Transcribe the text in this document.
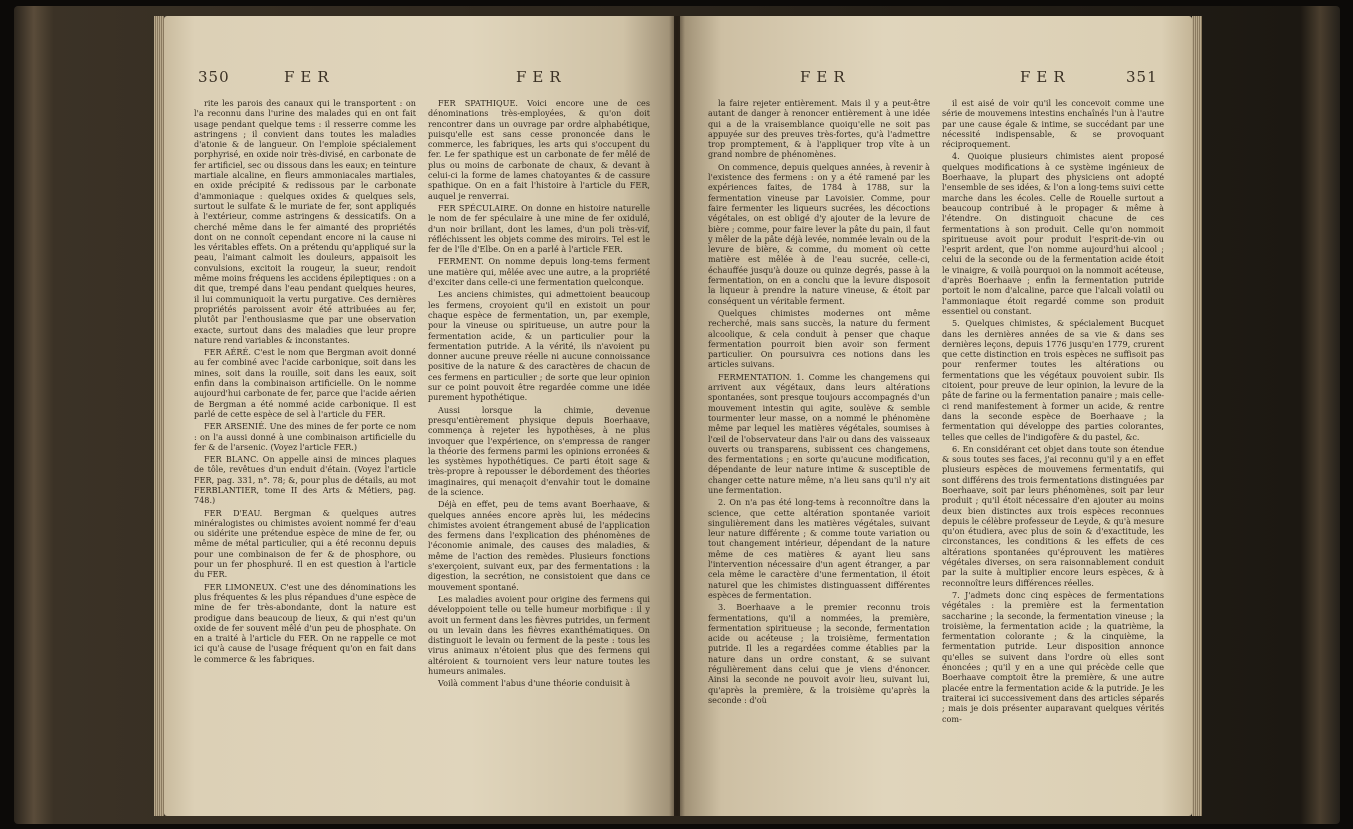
350	FER	FER

rite les parois des canaux qui le transportent : on l'a reconnu dans l'urine des malades qui en ont fait usage pendant quelque tems : il resserre comme les astringens ; il convient dans toutes les maladies d'atonie & de langueur. On l'emploie spécialement porphyrisé, en oxide noir très-divisé, en carbonate de fer artificiel, sec ou dissous dans les eaux; en teinture martiale alcaline, en fleurs ammoniacales martiales, en oxide précipité & redissous par le carbonate d'ammoniaque : quelques oxides & quelques sels, surtout le sulfate & le muriate de fer, sont appliqués à l'extérieur, comme astringens & dessicatifs. On a cherché même dans le fer aimanté des propriétés dont on ne connoît cependant encore ni la cause ni les véritables effets. On a prétendu qu'appliqué sur la peau, l'aimant calmoit les douleurs, appaisoit les convulsions, excitoit la rougeur, la sueur, rendoit même moins fréquens les accidens épileptiques : on a dit que, trempé dans l'eau pendant quelques heures, il lui communiquoit la vertu purgative. Ces dernières propriétés paroissent avoir été attribuées au fer, plutôt par l'enthousiasme que par une observation exacte, surtout dans des maladies que leur propre nature rend variables & inconstantes.

FER AÉRÉ. C'est le nom que Bergman avoit donné au fer combiné avec l'acide carbonique, soit dans les mines, soit dans la rouille, soit dans les eaux, soit enfin dans la combinaison artificielle. On le nomme aujourd'hui carbonate de fer, parce que l'acide aérien de Bergman a été nommé acide carbonique. Il est parlé de cette espèce de sel à l'article du FER.

FER ARSENIÉ. Une des mines de fer porte ce nom : on l'a aussi donné à une combinaison artificielle du fer & de l'arsenic. (Voyez l'article FER.)

FER BLANC. On appelle ainsi de minces plaques de tôle, revêtues d'un enduit d'étain. (Voyez l'article FER, pag. 331, n°. 78; &, pour plus de détails, au mot FERBLANTIER, tome II des Arts & Métiers, pag. 748.)

FER D'EAU. Bergman & quelques autres minéralogistes ou chimistes avoient nommé fer d'eau ou sidérite une prétendue espèce de mine de fer, ou même de métal particulier, qui a été reconnu depuis pour une combinaison de fer & de phosphore, ou pour un fer phosphuré. Il en est question à l'article du FER.

FER LIMONEUX. C'est une des dénominations les plus fréquentes & les plus répandues d'une espèce de mine de fer très-abondante, dont la nature est prodigue dans beaucoup de lieux, & qui n'est qu'un oxide de fer souvent mêlé d'un peu de phosphate. On en a traité à l'article du FER. On ne rappelle ce mot ici qu'à cause de l'usage fréquent qu'on en fait dans le commerce & les fabriques.

FER SPATHIQUE. Voici encore une de ces dénominations très-employées, & qu'on doit rencontrer dans un ouvrage par ordre alphabétique, puisqu'elle est sans cesse prononcée dans le commerce, les fabriques, les arts qui s'occupent du fer. Le fer spathique est un carbonate de fer mêlé de plus ou moins de carbonate de chaux, & devant à celui-ci la forme de lames chatoyantes & de cassure spathique. On en a fait l'histoire à l'article du FER, auquel je renverrai.

FER SPÉCULAIRE. On donne en histoire naturelle le nom de fer spéculaire à une mine de fer oxidulé, d'un noir brillant, dont les lames, d'un poli très-vif, réfléchissent les objets comme des miroirs. Tel est le fer de l'île d'Elbe. On en a parlé à l'article FER.

FERMENT. On nomme depuis long-tems ferment une matière qui, mêlée avec une autre, a la propriété d'exciter dans celle-ci une fermentation quelconque.

Les anciens chimistes, qui admettoient beaucoup les fermens, croyoient qu'il en existoit un pour chaque espèce de fermentation, un, par exemple, pour la vineuse ou spiritueuse, un autre pour la fermentation acide, & un particulier pour la fermentation putride. A la vérité, ils n'avoient pu donner aucune preuve réelle ni aucune connoissance positive de la nature & des caractères de chacun de ces fermens en particulier ; de sorte que leur opinion sur ce point pouvoit être regardée comme une idée purement hypothétique.

Aussi lorsque la chimie, devenue presqu'entièrement physique depuis Boerhaave, commença à rejeter les hypothèses, à ne plus invoquer que l'expérience, on s'empressa de ranger la théorie des fermens parmi les opinions erronées & les systèmes hypothétiques. Ce parti étoit sage & très-propre à repousser le débordement des théories imaginaires, qui menaçoit d'envahir tout le domaine de la science.

Déjà en effet, peu de tems avant Boerhaave, & quelques années encore après lui, les médecins chimistes avoient étrangement abusé de l'application des fermens dans l'explication des phénomènes de l'économie animale, des causes des maladies, & même de l'action des remèdes. Plusieurs fonctions s'exerçoient, suivant eux, par des fermentations : la digestion, la secrétion, ne consistoient que dans ce mouvement spontané.

Les maladies avoient pour origine des fermens qui développoient telle ou telle humeur morbifique : il y avoit un ferment dans les fièvres putrides, un ferment ou un levain dans les fièvres exanthématiques. On distinguoit le levain ou ferment de la peste : tous les virus animaux n'étoient plus que des fermens qui altéroient & tournoient vers leur nature toutes les humeurs animales.

Voilà comment l'abus d'une théorie conduisit à

FER	FER	351

la faire rejeter entièrement. Mais il y a peut-être autant de danger à renoncer entièrement à une idée qui a de la vraisemblance quoiqu'elle ne soit pas appuyée sur des preuves très-fortes, qu'à l'admettre trop promptement, & à l'appliquer trop vîte à un grand nombre de phénomènes.

On commence, depuis quelques années, à revenir à l'existence des fermens : on y a été ramené par les expériences faites, de 1784 à 1788, sur la fermentation vineuse par Lavoisier. Comme, pour faire fermenter les liqueurs sucrées, les décoctions végétales, on est obligé d'y ajouter de la levure de bière ; comme, pour faire lever la pâte du pain, il faut y mêler de la pâte déjà levée, nommée levain ou de la levure de bière, & comme, du moment où cette matière est mêlée à de l'eau sucrée, celle-ci, échauffée jusqu'à douze ou quinze degrés, passe à la fermentation, on en a conclu que la levure disposoit la liqueur à prendre la nature vineuse, & étoit par conséquent un véritable ferment.

Quelques chimistes modernes ont même recherché, mais sans succès, la nature du ferment alcoolique, & cela conduit à penser que chaque fermentation pourroit bien avoir son ferment particulier. On poursuivra ces notions dans les articles suivans.

FERMENTATION. 1. Comme les changemens qui arrivent aux végétaux, dans leurs altérations spontanées, sont presque toujours accompagnés d'un mouvement intestin qui agite, soulève & semble tourmenter leur masse, on a nommé le phénomène même par lequel les matières végétales, soumises à l'œil de l'observateur dans l'air ou dans des vaisseaux ouverts ou transparens, subissent ces changemens, des fermentations ; en sorte qu'aucune modification, dépendante de leur nature intime & susceptible de changer cette nature même, n'a lieu sans qu'il n'y ait une fermentation.

2. On n'a pas été long-tems à reconnoître dans la science, que cette altération spontanée varioit singulièrement dans les matières végétales, suivant leur nature différente ; & comme toute variation ou tout changement intérieur, dépendant de la nature même de ces matières & ayant lieu sans l'intervention nécessaire d'un agent étranger, a par cela même le caractère d'une fermentation, il étoit naturel que les chimistes distinguassent différentes espèces de fermentation.

3. Boerhaave a le premier reconnu trois fermentations, qu'il a nommées, la première, fermentation spiritueuse ; la seconde, fermentation acide ou acéteuse ; la troisième, fermentation putride. Il les a regardées comme établies par la nature dans un ordre constant, & se suivant régulièrement dans celui que je viens d'énoncer. Ainsi la seconde ne pouvoit avoir lieu, suivant lui, qu'après la première, & la troisième qu'après la seconde : d'où

il est aisé de voir qu'il les concevoit comme une série de mouvemens intestins enchaînés l'un à l'autre par une cause égale & intime, se succédant par une nécessité indispensable, & se provoquant réciproquement.

4. Quoique plusieurs chimistes aient proposé quelques modifications à ce système ingénieux de Boerhaave, la plupart des physiciens ont adopté l'ensemble de ses idées, & l'on a long-tems suivi cette marche dans les écoles. Celle de Rouelle surtout a beaucoup contribué à le propager & même à l'étendre. On distinguoit chacune de ces fermentations à son produit. Celle qu'on nommoit spiritueuse avoit pour produit l'esprit-de-vin ou l'esprit ardent, que l'on nomme aujourd'hui alcool ; celui de la seconde ou de la fermentation acide étoit le vinaigre, & voilà pourquoi on la nommoit acéteuse, d'après Boerhaave ; enfin la fermentation putride portoit le nom d'alcaline, parce que l'alcali volatil ou l'ammoniaque étoit regardé comme son produit essentiel ou constant.

5. Quelques chimistes, & spécialement Bucquet dans les dernières années de sa vie & dans ses dernières leçons, depuis 1776 jusqu'en 1779, crurent que cette distinction en trois espèces ne suffisoit pas pour renfermer toutes les altérations ou fermentations que les végétaux pouvoient subir. Ils citoient, pour preuve de leur opinion, la levure de la pâte de farine ou la fermentation panaire ; mais celle-ci rend manifestement à former un acide, & rentre dans la seconde espèce de Boerhaave ; la fermentation qui développe des parties colorantes, telles que celles de l'indigofère & du pastel, &c.

6. En considérant cet objet dans toute son étendue & sous toutes ses faces, j'ai reconnu qu'il y a en effet plusieurs espèces de mouvemens fermentatifs, qui sont différens des trois fermentations distinguées par Boerhaave, soit par leurs phénomènes, soit par leur produit ; qu'il étoit nécessaire d'en ajouter au moins deux bien distinctes aux trois espèces reconnues depuis le célèbre professeur de Leyde, & qu'à mesure qu'on étudiera, avec plus de soin & d'exactitude, les circonstances, les conditions & les effets de ces altérations spontanées qu'éprouvent les matières végétales diverses, on sera raisonnablement conduit par la suite à multiplier encore leurs espèces, & à reconnoître leurs différences réelles.

7. J'admets donc cinq espèces de fermentations végétales : la première est la fermentation saccharine ; la seconde, la fermentation vineuse ; la troisième, la fermentation acide ; la quatrième, la fermentation colorante ; & la cinquième, la fermentation putride. Leur disposition annonce qu'elles se suivent dans l'ordre où elles sont énoncées ; qu'il y en a une qui précède celle que Boerhaave comptoit être la première, & une autre placée entre la fermentation acide & la putride. Je les traiterai ici successivement dans des articles séparés ; mais je dois présenter auparavant quelques vérités com-
